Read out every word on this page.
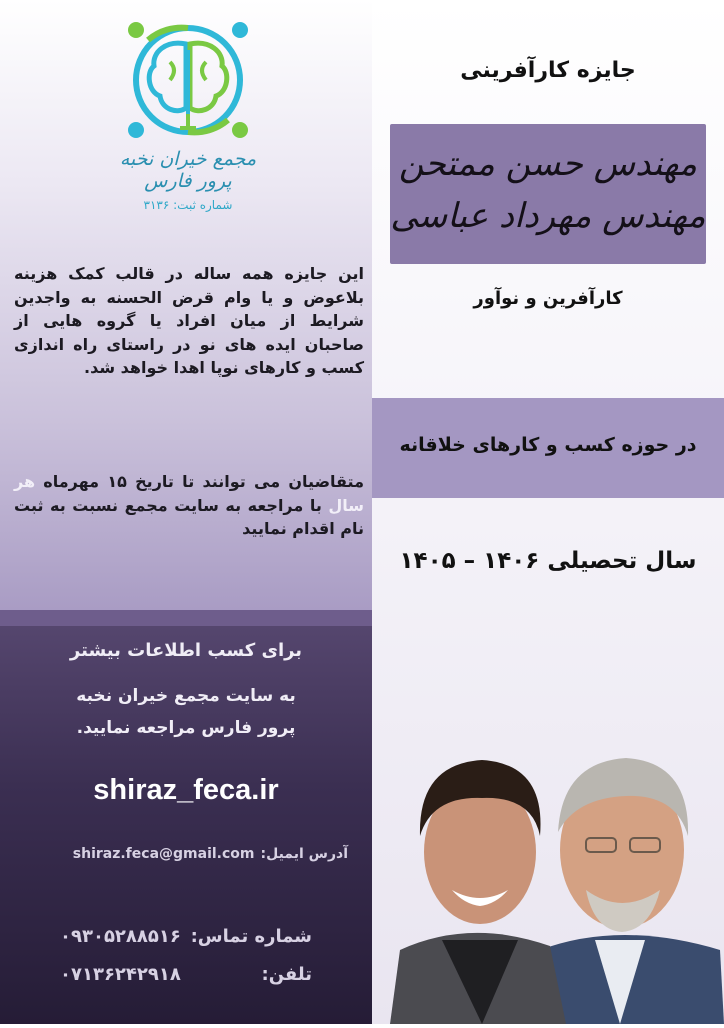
مجمع خیران نخبه پرور فارس
شماره ثبت: ۳۱۳۶
جایزه کارآفرینی
مهندس حسن ممتحن
مهندس مهرداد عباسی
کارآفرین و نوآور
در حوزه کسب و کارهای خلاقانه
سال تحصیلی ۱۴۰۶ – ۱۴۰۵
این جایزه همه ساله در قالب کمک هزینه بلاعوض و یا وام قرض الحسنه به واجدین شرایط از میان افراد یا گروه هایی از صاحبان ایده های نو در راستای راه اندازی کسب و کارهای نوپا اهدا خواهد شد.
متقاضیان می توانند تا تاریخ ۱۵ مهرماه هر سال با مراجعه به سایت مجمع نسبت به ثبت نام اقدام نمایید
برای کسب اطلاعات بیشتر
به سایت مجمع خیران نخبه
پرور فارس مراجعه نمایید.
shiraz_feca.ir
آدرس ایمیل:
shiraz.feca@gmail.com
شماره تماس:
۰۹۳۰۵۲۸۸۵۱۶
تلفن:
۰۷۱۳۶۲۴۲۹۱۸
